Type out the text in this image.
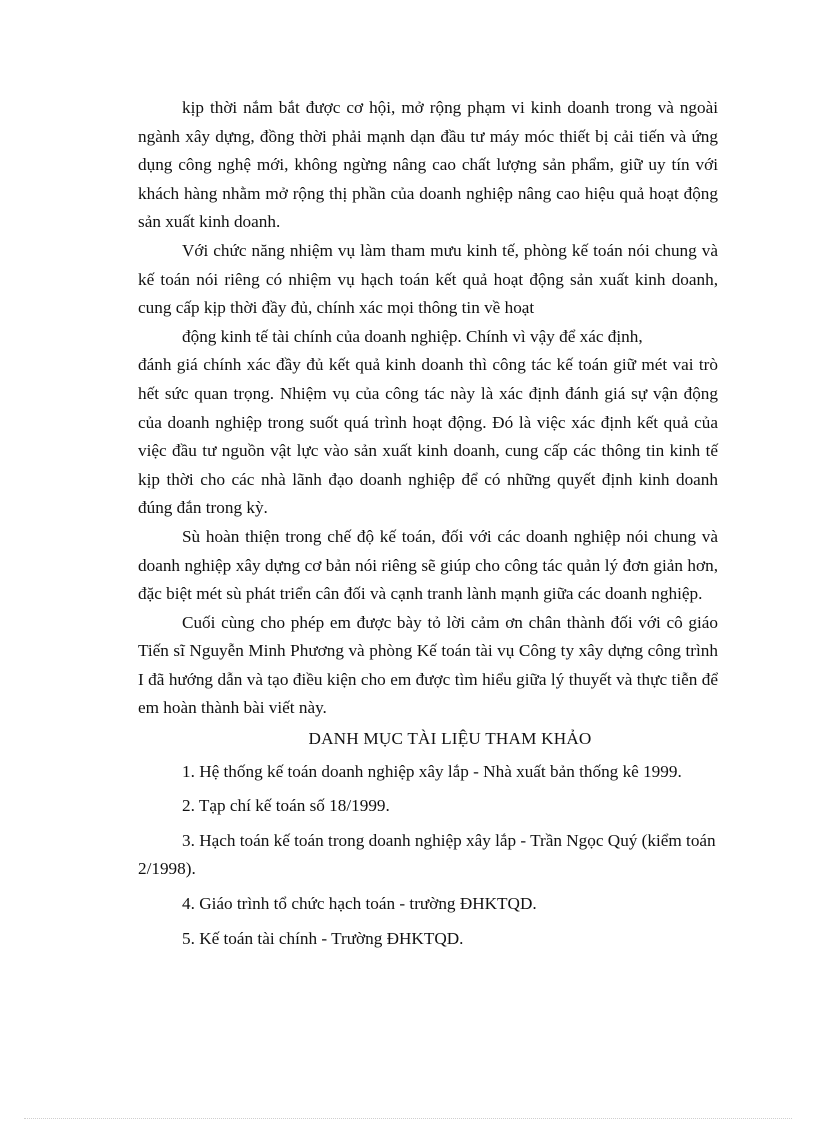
kịp thời nắm bắt được cơ hội, mở rộng phạm vi kinh doanh trong và ngoài ngành xây dựng, đồng thời phải mạnh dạn đầu tư máy móc thiết bị cải tiến và ứng dụng công nghệ mới, không ngừng nâng cao chất lượng sản phẩm, giữ uy tín với khách hàng nhằm mở rộng thị phần của doanh nghiệp nâng cao hiệu quả hoạt động sản xuất kinh doanh.

Với chức năng nhiệm vụ làm tham mưu kinh tế, phòng kế toán nói chung và kế toán nói riêng có nhiệm vụ hạch toán kết quả hoạt động sản xuất kinh doanh, cung cấp kịp thời đầy đủ, chính xác mọi thông tin về hoạt

động kinh tế tài chính của doanh nghiệp. Chính vì vậy để xác định,

đánh giá chính xác đầy đủ kết quả kinh doanh thì công tác kế toán giữ mét vai trò hết sức quan trọng. Nhiệm vụ của công tác này là xác định đánh giá sự vận động của doanh nghiệp trong suốt quá trình hoạt động. Đó là việc xác định kết quả của việc đầu tư nguồn vật lực vào sản xuất kinh doanh, cung cấp các thông tin kinh tế kịp thời cho các nhà lãnh đạo doanh nghiệp để có những quyết định kinh doanh đúng đắn trong kỳ.

Sù hoàn thiện trong chế độ kế toán, đối với các doanh nghiệp nói chung và doanh nghiệp xây dựng cơ bản nói riêng sẽ giúp cho công tác quản lý đơn giản hơn, đặc biệt mét sù phát triển cân đối và cạnh tranh lành mạnh giữa các doanh nghiệp.

Cuối cùng cho phép em được bày tỏ lời cảm ơn chân thành đối với cô giáo Tiến sĩ Nguyễn Minh Phương và phòng Kế toán tài vụ Công ty xây dựng công trình I đã hướng dẫn và tạo điều kiện cho em được tìm hiểu giữa lý thuyết và thực tiễn để em hoàn thành bài viết này.

DANH MỤC TÀI LIỆU THAM KHẢO

1. Hệ thống kế toán doanh nghiệp xây lắp - Nhà xuất bản thống kê 1999.

2. Tạp chí kế toán số 18/1999.

3. Hạch toán kế toán trong doanh nghiệp xây lắp - Trần Ngọc Quý (kiểm toán 2/1998).

4. Giáo trình tổ chức hạch toán - trường ĐHKTQD.

5. Kế toán tài chính - Trường ĐHKTQD.
